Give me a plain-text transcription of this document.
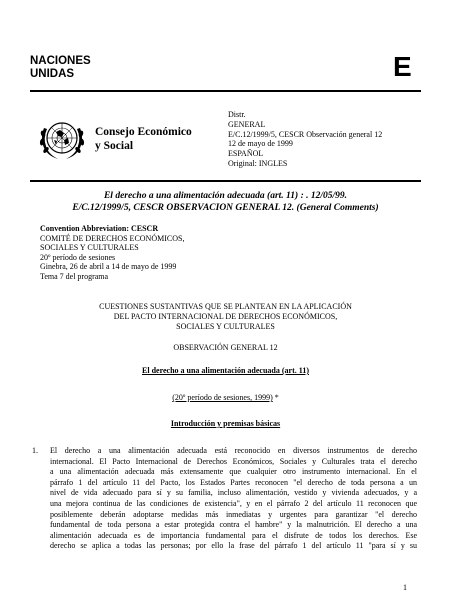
NACIONES
UNIDAS	E
Consejo Económico
y Social
Distr.
GENERAL
E/C.12/1999/5, CESCR Observación general 12
12 de mayo de 1999
ESPAÑOL
Original: INGLES
El derecho a una alimentación adecuada (art. 11) : . 12/05/99.
E/C.12/1999/5, CESCR OBSERVACION GENERAL 12. (General Comments)
Convention Abbreviation: CESCR
COMITÉ DE DERECHOS ECONÓMICOS,
SOCIALES Y CULTURALES
20º período de sesiones
Ginebra, 26 de abril a 14 de mayo de 1999
Tema 7 del programa
CUESTIONES SUSTANTIVAS QUE SE PLANTEAN EN LA APLICACIÓN
DEL PACTO INTERNACIONAL DE DERECHOS ECONÓMICOS,
SOCIALES Y CULTURALES
OBSERVACIÓN GENERAL 12
El derecho a una alimentación adecuada (art. 11)
(20º período de sesiones, 1999) *
Introducción y premisas básicas
1. El derecho a una alimentación adecuada está reconocido en diversos instrumentos de derecho
internacional. El Pacto Internacional de Derechos Económicos, Sociales y Culturales trata el derecho
a una alimentación adecuada más extensamente que cualquier otro instrumento internacional. En el
párrafo 1 del artículo 11 del Pacto, los Estados Partes reconocen "el derecho de toda persona a un
nivel de vida adecuado para sí y su familia, incluso alimentación, vestido y vivienda adecuados, y a
una mejora continua de las condiciones de existencia", y en el párrafo 2 del artículo 11 reconocen que
posiblemente deberán adoptarse medidas más inmediatas y urgentes para garantizar "el derecho
fundamental de toda persona a estar protegida contra el hambre" y la malnutrición. El derecho a una
alimentación adecuada es de importancia fundamental para el disfrute de todos los derechos. Ese
derecho se aplica a todas las personas; por ello la frase del párrafo 1 del artículo 11 "para sí y su
1
